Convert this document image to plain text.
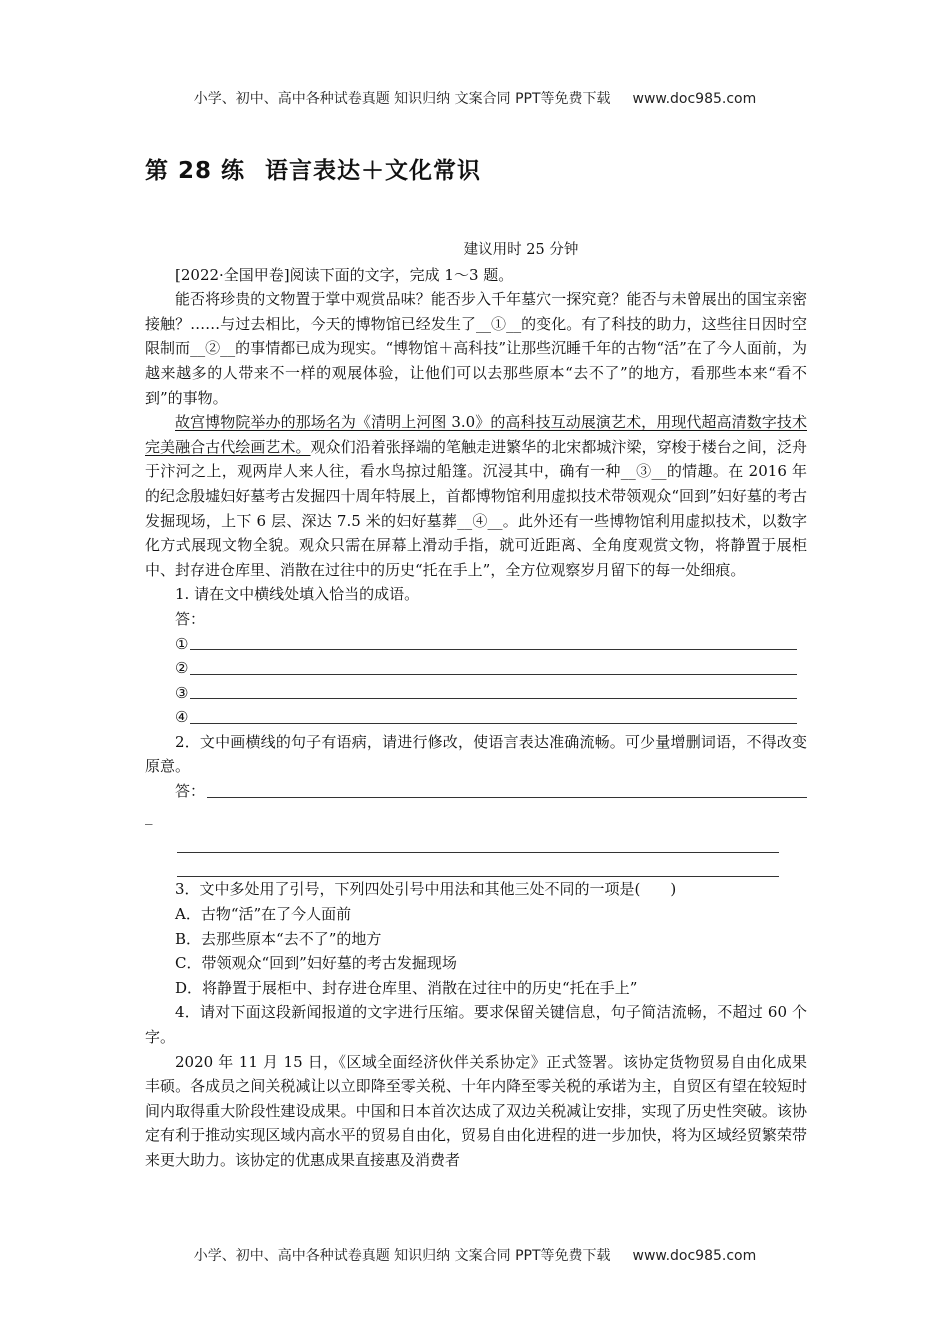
小学、初中、高中各种试卷真题 知识归纳 文案合同 PPT等免费下载 www.doc985.com
第 28 练 语言表达＋文化常识

建议用时 25 分钟

[2022·全国甲卷]阅读下面的文字，完成 1～3 题。

能否将珍贵的文物置于掌中观赏品味？能否步入千年墓穴一探究竟？能否与未曾展出的国宝亲密接触？……与过去相比，今天的博物馆已经发生了__①__的变化。有了科技的助力，这些往日因时空限制而__②__的事情都已成为现实。“博物馆＋高科技”让那些沉睡千年的古物“活”在了今人面前，为越来越多的人带来不一样的观展体验，让他们可以去那些原本“去不了”的地方，看那些本来“看不到”的事物。

故宫博物院举办的那场名为《清明上河图 3.0》的高科技互动展演艺术，用现代超高清数字技术完美融合古代绘画艺术。观众们沿着张择端的笔触走进繁华的北宋都城汴梁，穿梭于楼台之间，泛舟于汴河之上，观两岸人来人往，看水鸟掠过船篷。沉浸其中，确有一种__③__的情趣。在 2016 年的纪念殷墟妇好墓考古发掘四十周年特展上，首都博物馆利用虚拟技术带领观众“回到”妇好墓的考古发掘现场，上下 6 层、深达 7.5 米的妇好墓葬__④__。此外还有一些博物馆利用虚拟技术，以数字化方式展现文物全貌。观众只需在屏幕上滑动手指，就可近距离、全角度观赏文物，将静置于展柜中、封存进仓库里、消散在过往中的历史“托在手上”，全方位观察岁月留下的每一处细痕。

1. 请在文中横线处填入恰当的成语。

答：

①
②
③
④

2．文中画横线的句子有语病，请进行修改，使语言表达准确流畅。可少量增删词语，不得改变原意。

答：

_

3．文中多处用了引号，下列四处引号中用法和其他三处不同的一项是(　　)

A．古物“活”在了今人面前

B．去那些原本“去不了”的地方

C．带领观众“回到”妇好墓的考古发掘现场

D．将静置于展柜中、封存进仓库里、消散在过往中的历史“托在手上”

4．请对下面这段新闻报道的文字进行压缩。要求保留关键信息，句子简洁流畅，不超过 60 个字。

2020 年 11 月 15 日，《区域全面经济伙伴关系协定》正式签署。该协定货物贸易自由化成果丰硕。各成员之间关税减让以立即降至零关税、十年内降至零关税的承诺为主，自贸区有望在较短时间内取得重大阶段性建设成果。中国和日本首次达成了双边关税减让安排，实现了历史性突破。该协定有利于推动实现区域内高水平的贸易自由化，贸易自由化进程的进一步加快，将为区域经贸繁荣带来更大助力。该协定的优惠成果直接惠及消费者

小学、初中、高中各种试卷真题 知识归纳 文案合同 PPT等免费下载 www.doc985.com
